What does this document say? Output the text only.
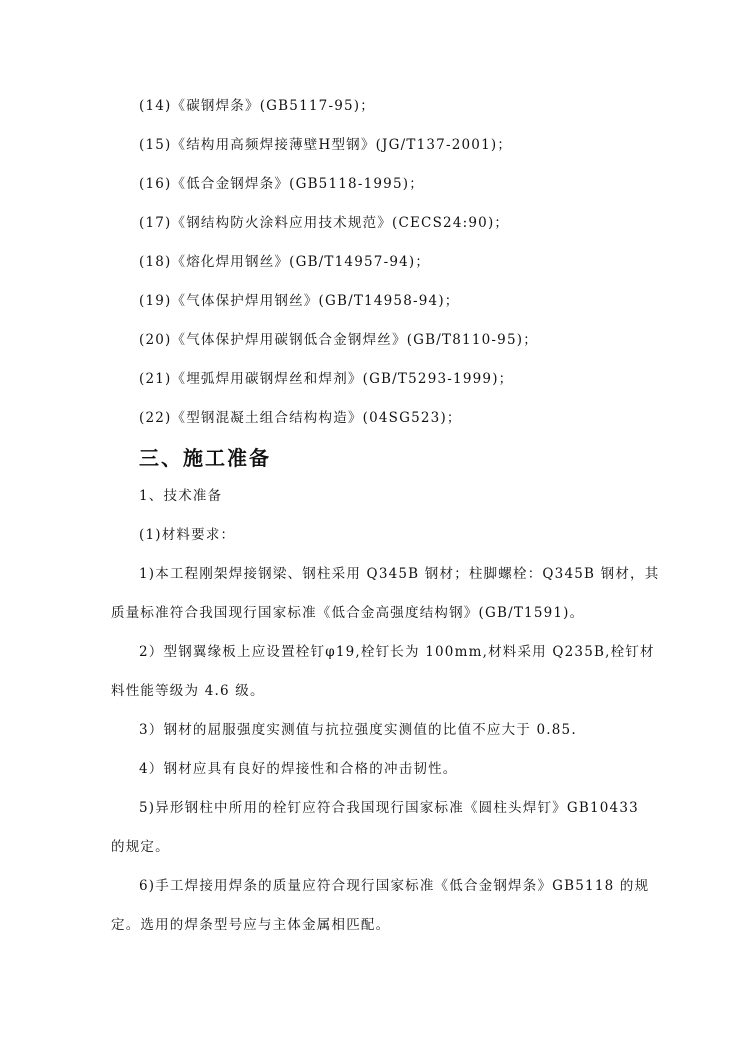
(14)《碳钢焊条》(GB5117-95)；
(15)《结构用高频焊接薄壁H型钢》(JG/T137-2001)；
(16)《低合金钢焊条》(GB5118-1995)；
(17)《钢结构防火涂料应用技术规范》(CECS24:90)；
(18)《熔化焊用钢丝》(GB/T14957-94)；
(19)《气体保护焊用钢丝》(GB/T14958-94)；
(20)《气体保护焊用碳钢低合金钢焊丝》(GB/T8110-95)；
(21)《埋弧焊用碳钢焊丝和焊剂》(GB/T5293-1999)；
(22)《型钢混凝土组合结构构造》(04SG523)；
三、施工准备
1、技术准备
(1)材料要求：
1)本工程刚架焊接钢梁、钢柱采用 Q345B 钢材；柱脚螺栓：Q345B 钢材，其
质量标准符合我国现行国家标准《低合金高强度结构钢》(GB/T1591)。
2）型钢翼缘板上应设置栓钉φ19,栓钉长为 100mm,材料采用 Q235B,栓钉材
料性能等级为 4.6 级。
3）钢材的屈服强度实测值与抗拉强度实测值的比值不应大于 0.85.
4）钢材应具有良好的焊接性和合格的冲击韧性。
5)异形钢柱中所用的栓钉应符合我国现行国家标准《圆柱头焊钉》GB10433
的规定。
6)手工焊接用焊条的质量应符合现行国家标准《低合金钢焊条》GB5118 的规
定。选用的焊条型号应与主体金属相匹配。
